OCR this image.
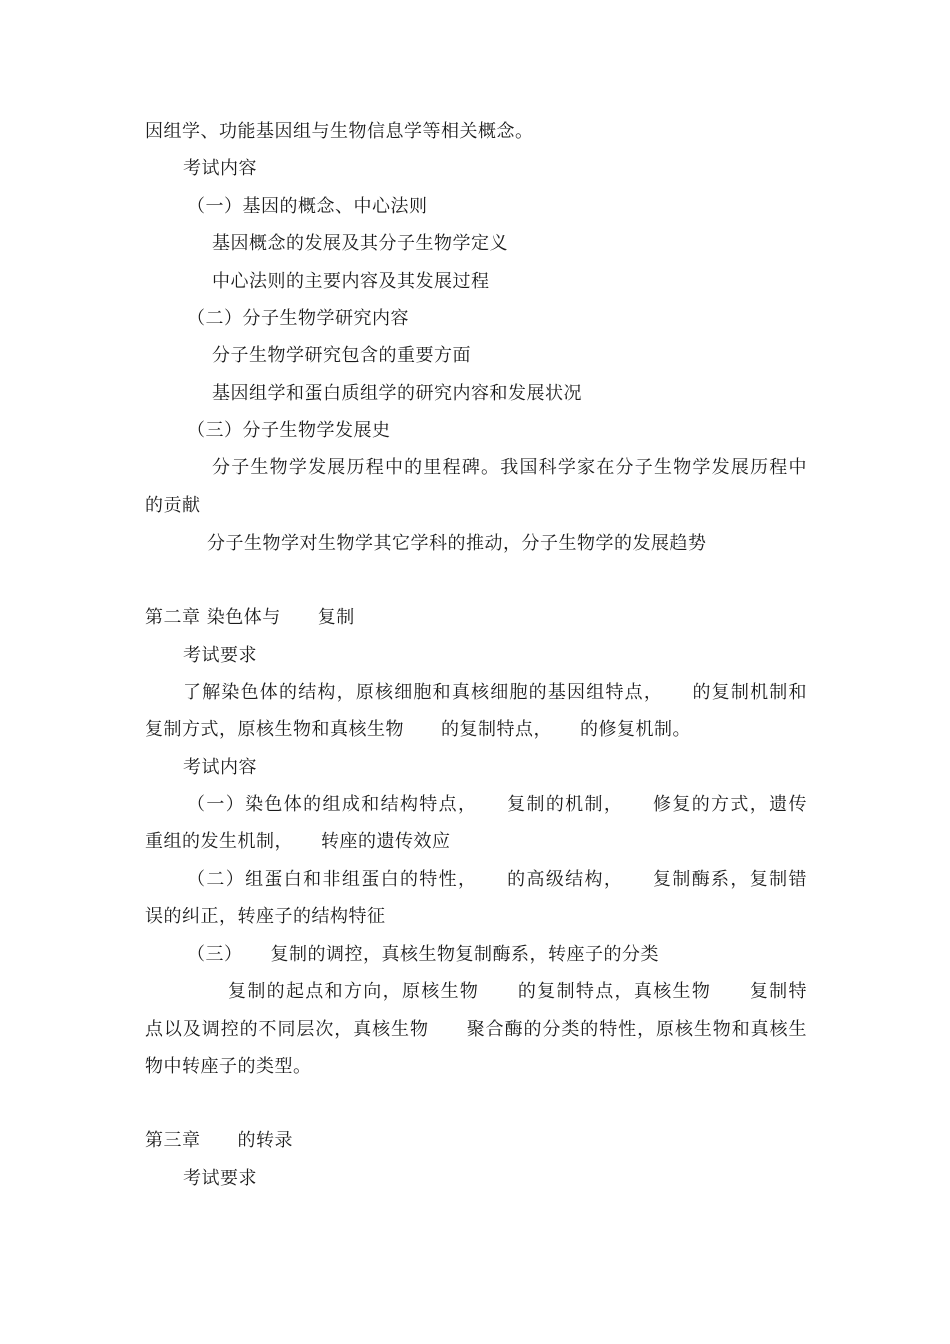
因组学、功能基因组与生物信息学等相关概念。
考试内容
（一）基因的概念、中心法则
基因概念的发展及其分子生物学定义
中心法则的主要内容及其发展过程
（二）分子生物学研究内容
分子生物学研究包含的重要方面
基因组学和蛋白质组学的研究内容和发展状况
（三）分子生物学发展史
分子生物学发展历程中的里程碑。我国科学家在分子生物学发展历程中
的贡献
分子生物学对生物学其它学科的推动，分子生物学的发展趋势
第二章 染色体与　　复制
考试要求
了解染色体的结构，原核细胞和真核细胞的基因组特点，　　的复制机制和
复制方式，原核生物和真核生物　　的复制特点，　　的修复机制。
考试内容
（一）染色体的组成和结构特点，　　复制的机制，　　修复的方式，遗传
重组的发生机制，　　转座的遗传效应
（二）组蛋白和非组蛋白的特性，　　的高级结构，　　复制酶系，复制错
误的纠正，转座子的结构特征
（三）　　复制的调控，真核生物复制酶系，转座子的分类
复制的起点和方向，原核生物　　的复制特点，真核生物　　复制特
点以及调控的不同层次，真核生物　　聚合酶的分类的特性，原核生物和真核生
物中转座子的类型。
第三章　　的转录
考试要求
